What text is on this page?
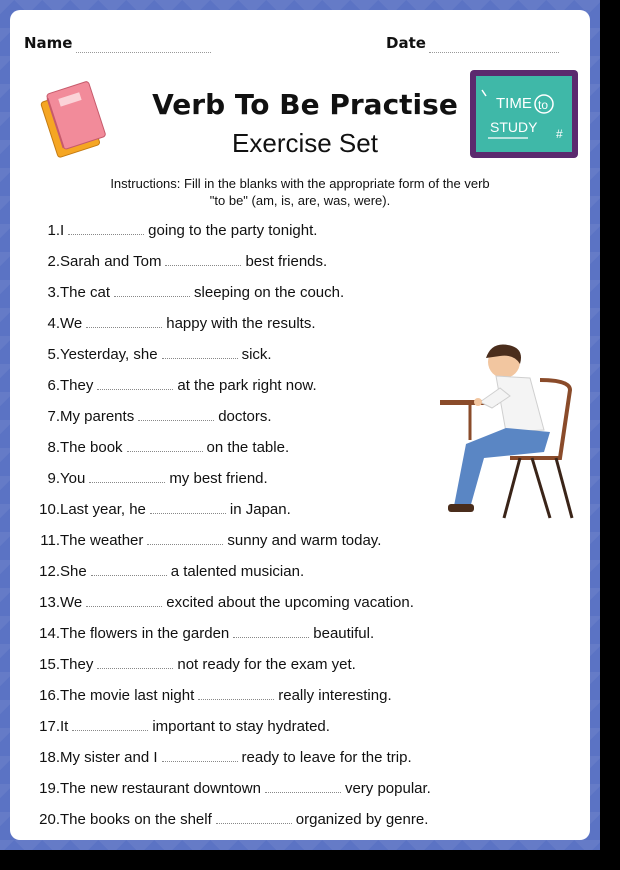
Name	Date
Verb To Be Practise
Exercise Set
TIME to
STUDY #
Instructions: Fill in the blanks with the appropriate form of the verb
"to be" (am, is, are, was, were).
1.I	going to the party tonight.
2.Sarah and Tom	best friends.
3.The cat	sleeping on the couch.
4.We	happy with the results.
5.Yesterday, she	sick.
6.They	at the park right now.
7.My parents	doctors.
8.The book	on the table.
9.You	my best friend.
10.Last year, he	in Japan.
11.The weather	sunny and warm today.
12.She	a talented musician.
13.We	excited about the upcoming vacation.
14.The flowers in the garden	beautiful.
15.They	not ready for the exam yet.
16.The movie last night	really interesting.
17.It	important to stay hydrated.
18.My sister and I	ready to leave for the trip.
19.The new restaurant downtown	very popular.
20.The books on the shelf	organized by genre.
